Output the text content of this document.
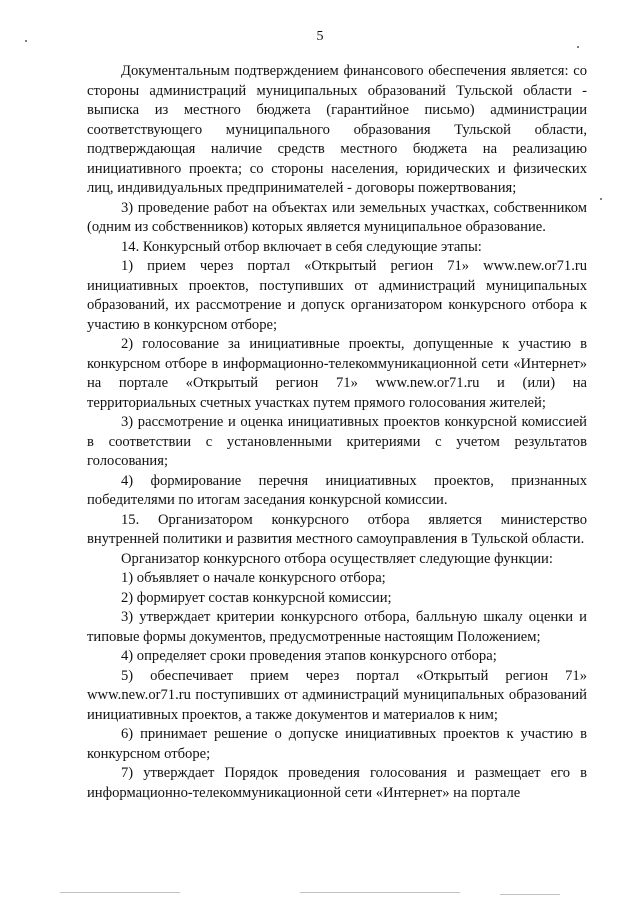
5

Документальным подтверждением финансового обеспечения является: со стороны администраций муниципальных образований Тульской области - выписка из местного бюджета (гарантийное письмо) администрации соответствующего муниципального образования Тульской области, подтверждающая наличие средств местного бюджета на реализацию инициативного проекта; со стороны населения, юридических и физических лиц, индивидуальных предпринимателей - договоры пожертвования;

3) проведение работ на объектах или земельных участках, собственником (одним из собственников) которых является муниципальное образование.

14. Конкурсный отбор включает в себя следующие этапы:

1) прием через портал «Открытый регион 71» www.new.or71.ru инициативных проектов, поступивших от администраций муниципальных образований, их рассмотрение и допуск организатором конкурсного отбора к участию в конкурсном отборе;

2) голосование за инициативные проекты, допущенные к участию в конкурсном отборе в информационно-телекоммуникационной сети «Интернет» на портале «Открытый регион 71» www.new.or71.ru и (или) на территориальных счетных участках путем прямого голосования жителей;

3) рассмотрение и оценка инициативных проектов конкурсной комиссией в соответствии с установленными критериями с учетом результатов голосования;

4) формирование перечня инициативных проектов, признанных победителями по итогам заседания конкурсной комиссии.

15. Организатором конкурсного отбора является министерство внутренней политики и развития местного самоуправления в Тульской области.

Организатор конкурсного отбора осуществляет следующие функции:

1) объявляет о начале конкурсного отбора;

2) формирует состав конкурсной комиссии;

3) утверждает критерии конкурсного отбора, балльную шкалу оценки и типовые формы документов, предусмотренные настоящим Положением;

4) определяет сроки проведения этапов конкурсного отбора;

5) обеспечивает прием через портал «Открытый регион 71» www.new.or71.ru поступивших от администраций муниципальных образований инициативных проектов, а также документов и материалов к ним;

6) принимает решение о допуске инициативных проектов к участию в конкурсном отборе;

7) утверждает Порядок проведения голосования и размещает его в информационно-телекоммуникационной сети «Интернет» на портале
